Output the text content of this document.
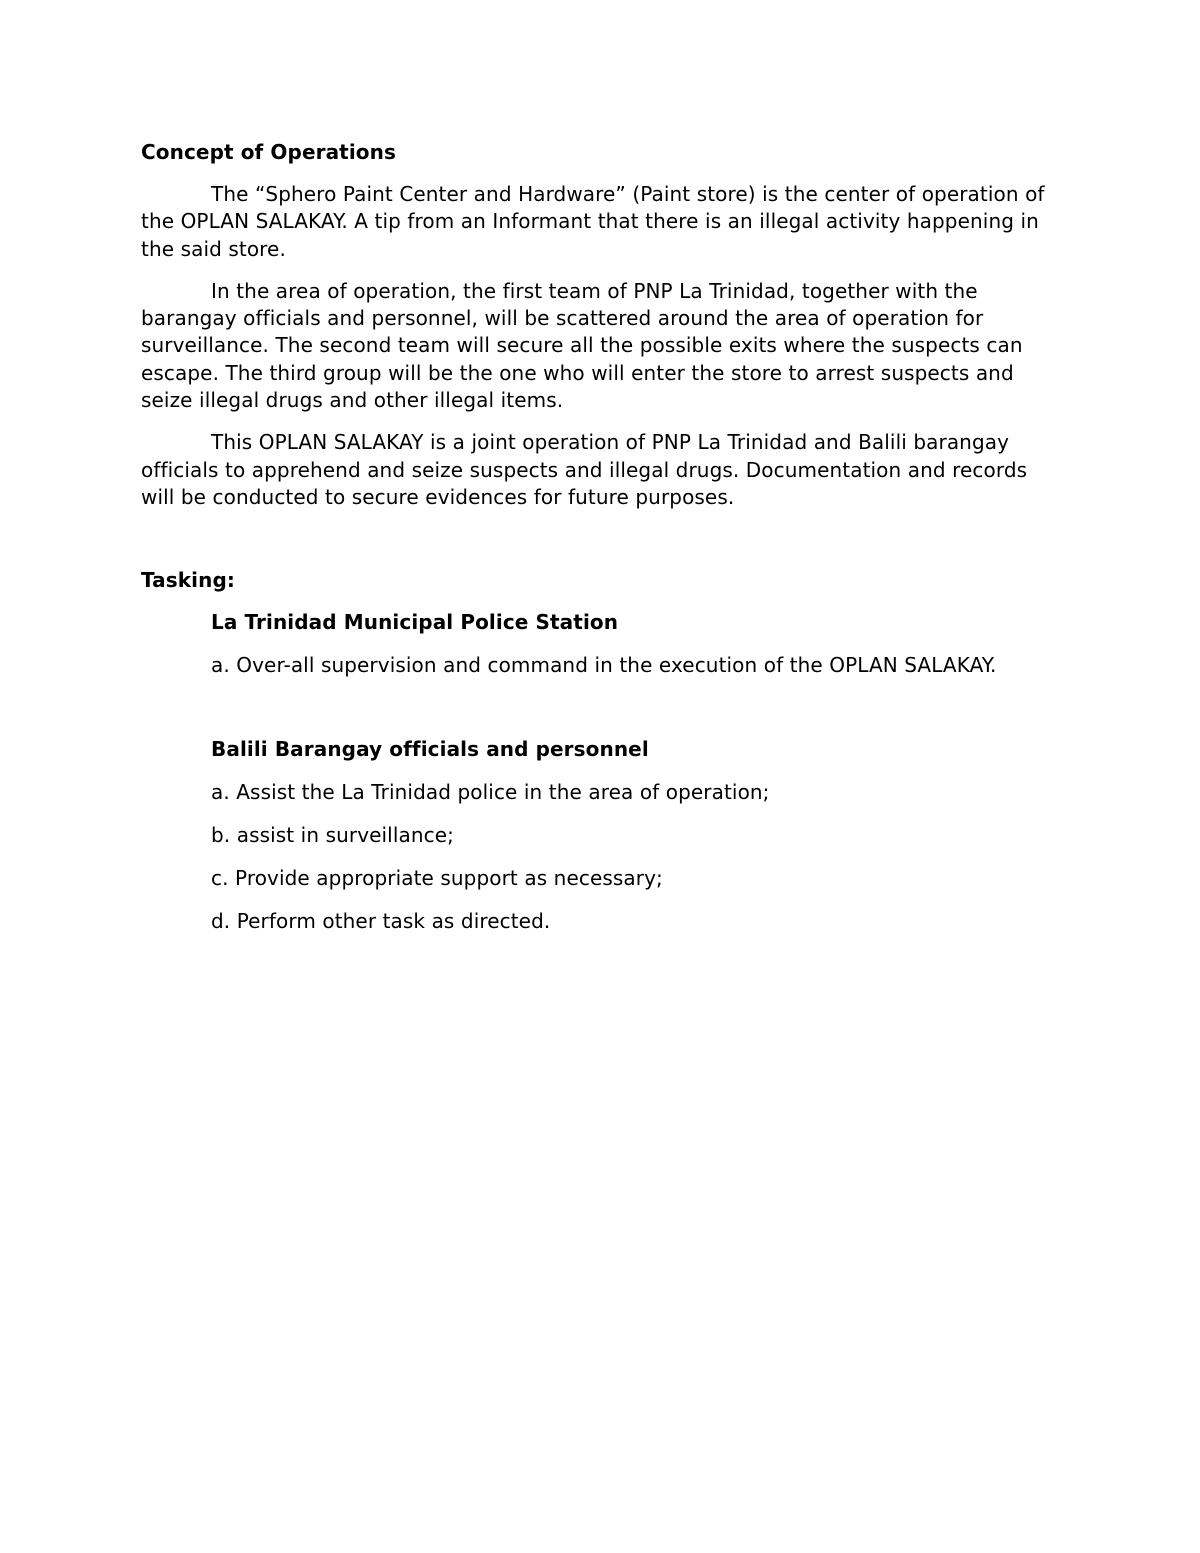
Concept of Operations

The “Sphero Paint Center and Hardware” (Paint store) is the center of operation of the OPLAN SALAKAY. A tip from an Informant that there is an illegal activity happening in the said store.

In the area of operation, the first team of PNP La Trinidad, together with the barangay officials and personnel, will be scattered around the area of operation for surveillance. The second team will secure all the possible exits where the suspects can escape. The third group will be the one who will enter the store to arrest suspects and seize illegal drugs and other illegal items.

This OPLAN SALAKAY is a joint operation of PNP La Trinidad and Balili barangay officials to apprehend and seize suspects and illegal drugs. Documentation and records will be conducted to secure evidences for future purposes.

Tasking:

La Trinidad Municipal Police Station

a. Over-all supervision and command in the execution of the OPLAN SALAKAY.

Balili Barangay officials and personnel

a. Assist the La Trinidad police in the area of operation;

b. assist in surveillance;

c. Provide appropriate support as necessary;

d. Perform other task as directed.
